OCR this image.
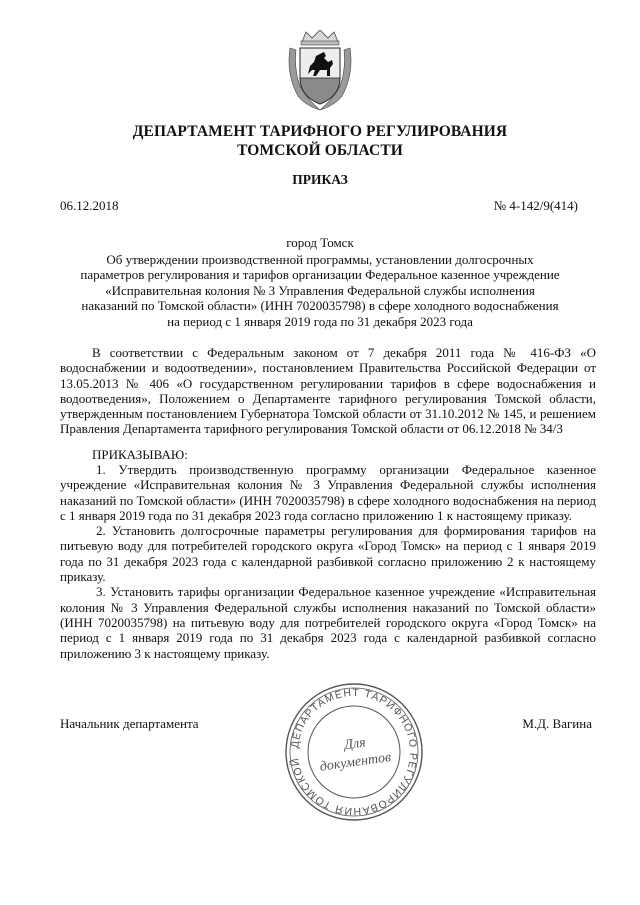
ДЕПАРТАМЕНТ ТАРИФНОГО РЕГУЛИРОВАНИЯ
ТОМСКОЙ ОБЛАСТИ
ПРИКАЗ
06.12.2018	№ 4-142/9(414)
город Томск
Об утверждении производственной программы, установлении долгосрочных параметров регулирования и тарифов организации Федеральное казенное учреждение «Исправительная колония № 3 Управления Федеральной службы исполнения наказаний по Томской области» (ИНН 7020035798) в сфере холодного водоснабжения на период с 1 января 2019 года по 31 декабря 2023 года
В соответствии с Федеральным законом от 7 декабря 2011 года № 416-ФЗ «О водоснабжении и водоотведении», постановлением Правительства Российской Федерации от 13.05.2013 № 406 «О государственном регулировании тарифов в сфере водоснабжения и водоотведения», Положением о Департаменте тарифного регулирования Томской области, утвержденным постановлением Губернатора Томской области от 31.10.2012 № 145, и решением Правления Департамента тарифного регулирования Томской области от 06.12.2018 № 34/3
ПРИКАЗЫВАЮ:

1. Утвердить производственную программу организации Федеральное казенное учреждение «Исправительная колония № 3 Управления Федеральной службы исполнения наказаний по Томской области» (ИНН 7020035798) в сфере холодного водоснабжения на период с 1 января 2019 года по 31 декабря 2023 года согласно приложению 1 к настоящему приказу.

2. Установить долгосрочные параметры регулирования для формирования тарифов на питьевую воду для потребителей городского округа «Город Томск» на период с 1 января 2019 года по 31 декабря 2023 года с календарной разбивкой согласно приложению 2 к настоящему приказу.

3. Установить тарифы организации Федеральное казенное учреждение «Исправительная колония № 3 Управления Федеральной службы исполнения наказаний по Томской области» (ИНН 7020035798) на питьевую воду для потребителей городского округа «Город Томск» на период с 1 января 2019 года по 31 декабря 2023 года с календарной разбивкой согласно приложению 3 к настоящему приказу.

Начальник департамента	М.Д. Вагина
ДЕПАРТАМЕНТ ТАРИФНОГО РЕГУЛИРОВАНИЯ ТОМСКОЙ
Для
документов
